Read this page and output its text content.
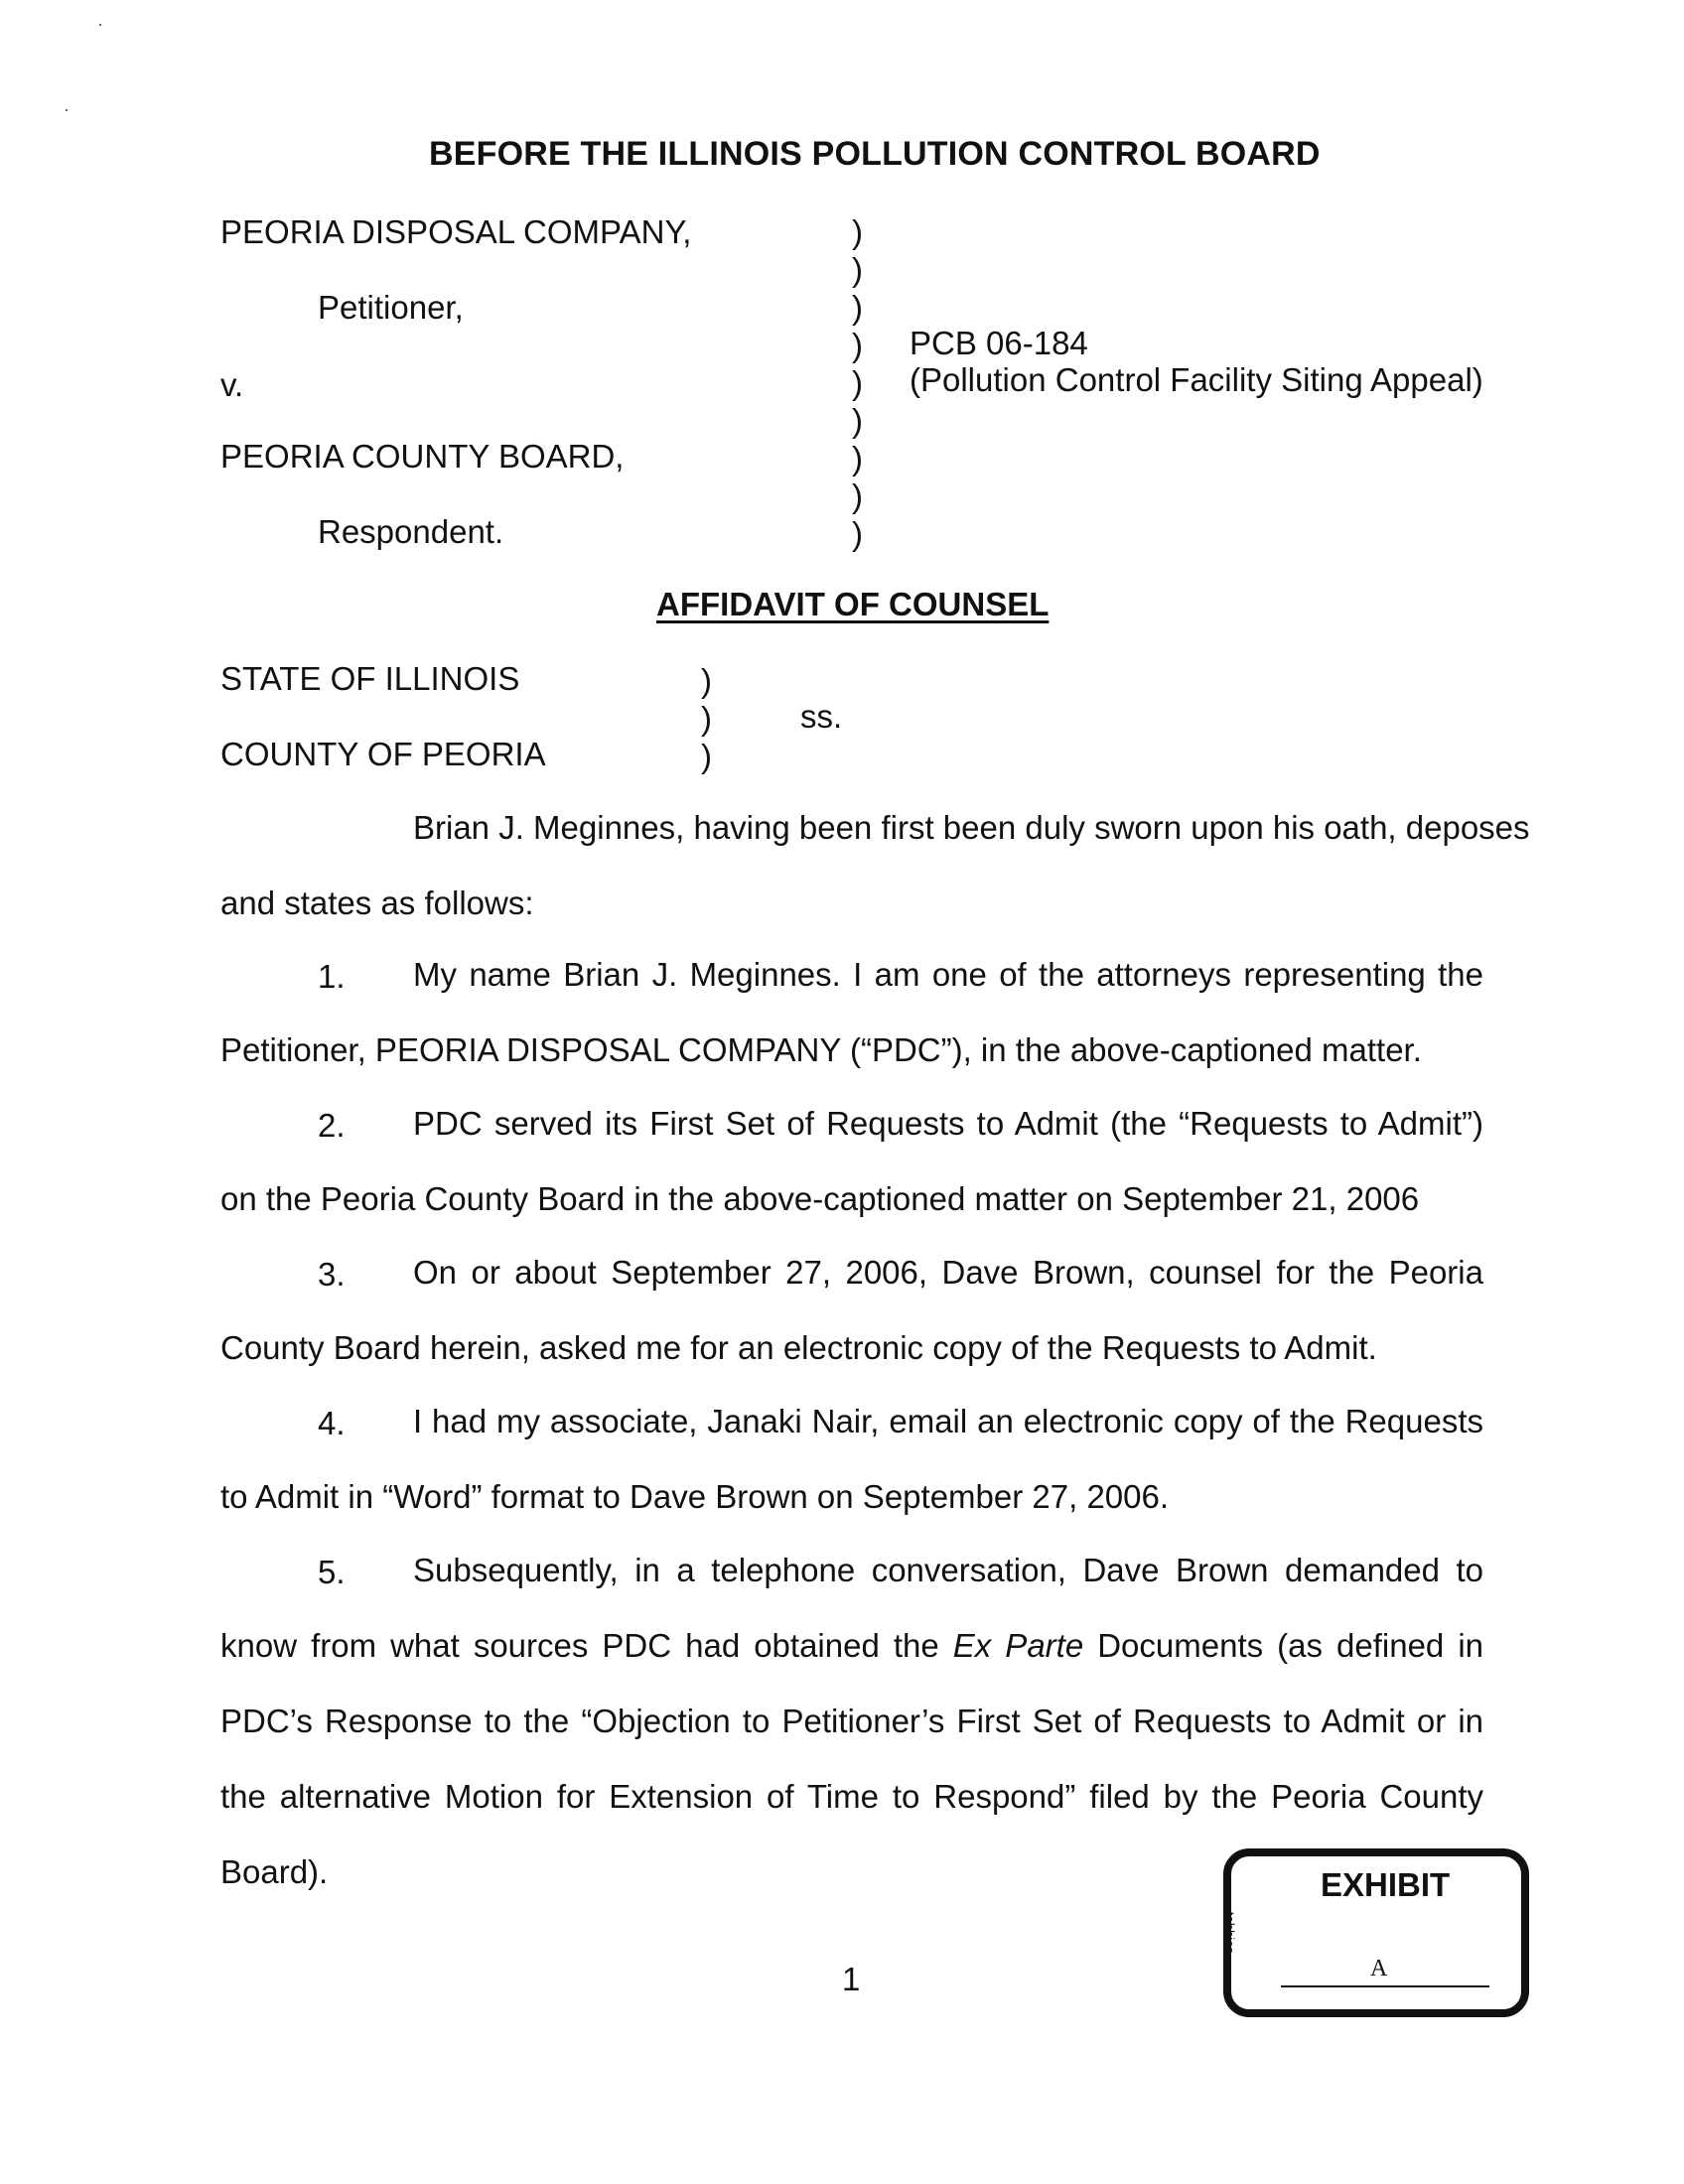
BEFORE THE ILLINOIS POLLUTION CONTROL BOARD
PEORIA DISPOSAL COMPANY,
Petitioner,
v.
PEORIA COUNTY BOARD,
Respondent.
)
)
)
)
)
)
)
)
)
PCB 06-184
(Pollution Control Facility Siting Appeal)
AFFIDAVIT OF COUNSEL
STATE OF ILLINOIS
COUNTY OF PEORIA
)
)
)
ss.
Brian J. Meginnes, having been first been duly sworn upon his oath, deposes
and states as follows:
1. My name Brian J. Meginnes. I am one of the attorneys representing the
Petitioner, PEORIA DISPOSAL COMPANY (“PDC”), in the above-captioned matter.
2. PDC served its First Set of Requests to Admit (the “Requests to Admit”)
on the Peoria County Board in the above-captioned matter on September 21, 2006
3. On or about September 27, 2006, Dave Brown, counsel for the Peoria
County Board herein, asked me for an electronic copy of the Requests to Admit.
4. I had my associate, Janaki Nair, email an electronic copy of the Requests
to Admit in “Word” format to Dave Brown on September 27, 2006.
5. Subsequently, in a telephone conversation, Dave Brown demanded to
know from what sources PDC had obtained the Ex Parte Documents (as defined in
PDC’s Response to the “Objection to Petitioner’s First Set of Requests to Admit or in
the alternative Motion for Extension of Time to Respond” filed by the Peoria County
Board).
1
EXHIBIT
tabbies
A
